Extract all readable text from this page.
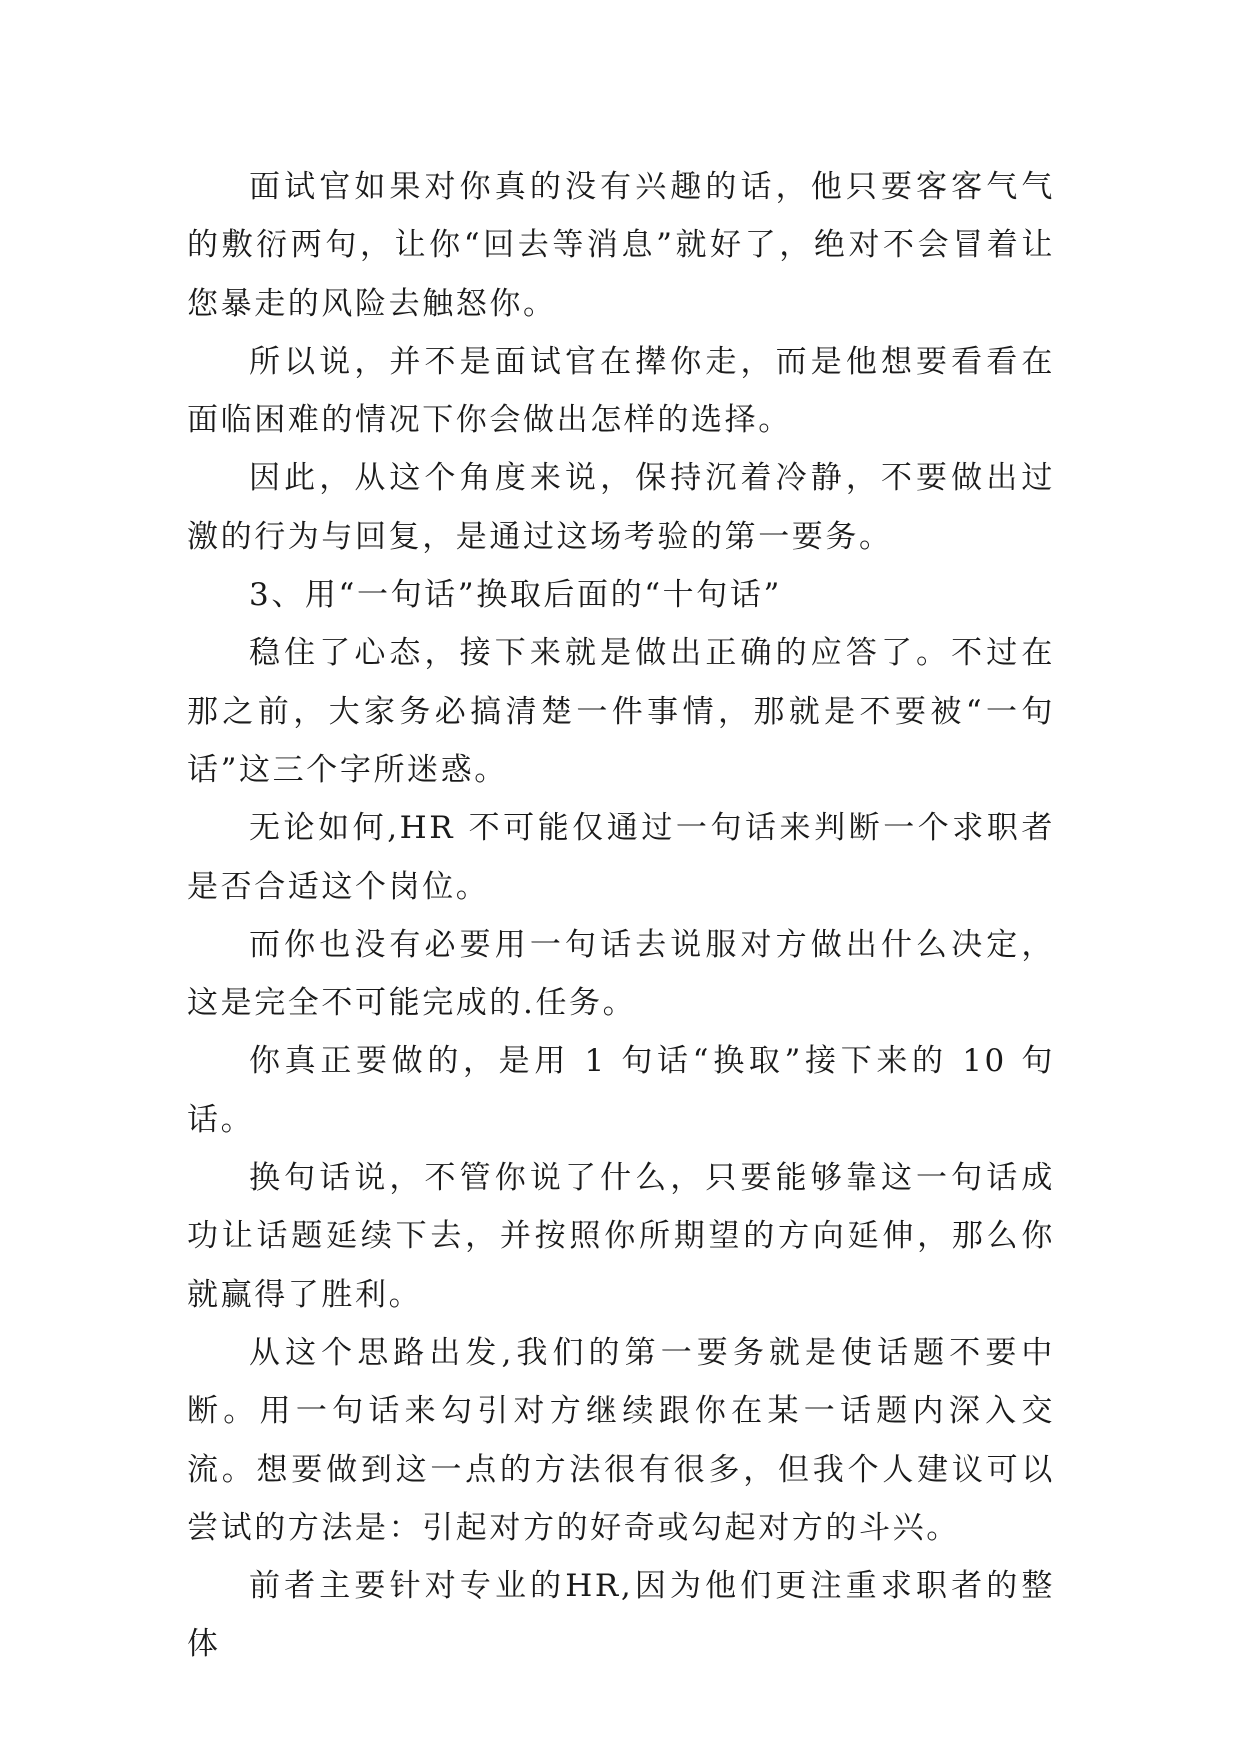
面试官如果对你真的没有兴趣的话，他只要客客气气的敷衍两句，让你“回去等消息”就好了，绝对不会冒着让您暴走的风险去触怒你。

所以说，并不是面试官在撵你走，而是他想要看看在面临困难的情况下你会做出怎样的选择。

因此，从这个角度来说，保持沉着冷静，不要做出过激的行为与回复，是通过这场考验的第一要务。

3、用“一句话”换取后面的“十句话”

稳住了心态，接下来就是做出正确的应答了。不过在那之前，大家务必搞清楚一件事情，那就是不要被“一句话”这三个字所迷惑。

无论如何,HR 不可能仅通过一句话来判断一个求职者是否合适这个岗位。

而你也没有必要用一句话去说服对方做出什么决定，这是完全不可能完成的.任务。

你真正要做的，是用 1 句话“换取”接下来的 10 句话。

换句话说，不管你说了什么，只要能够靠这一句话成功让话题延续下去，并按照你所期望的方向延伸，那么你就赢得了胜利。

从这个思路出发,我们的第一要务就是使话题不要中断。用一句话来勾引对方继续跟你在某一话题内深入交流。想要做到这一点的方法很有很多，但我个人建议可以尝试的方法是：引起对方的好奇或勾起对方的斗兴。

前者主要针对专业的HR,因为他们更注重求职者的整体
